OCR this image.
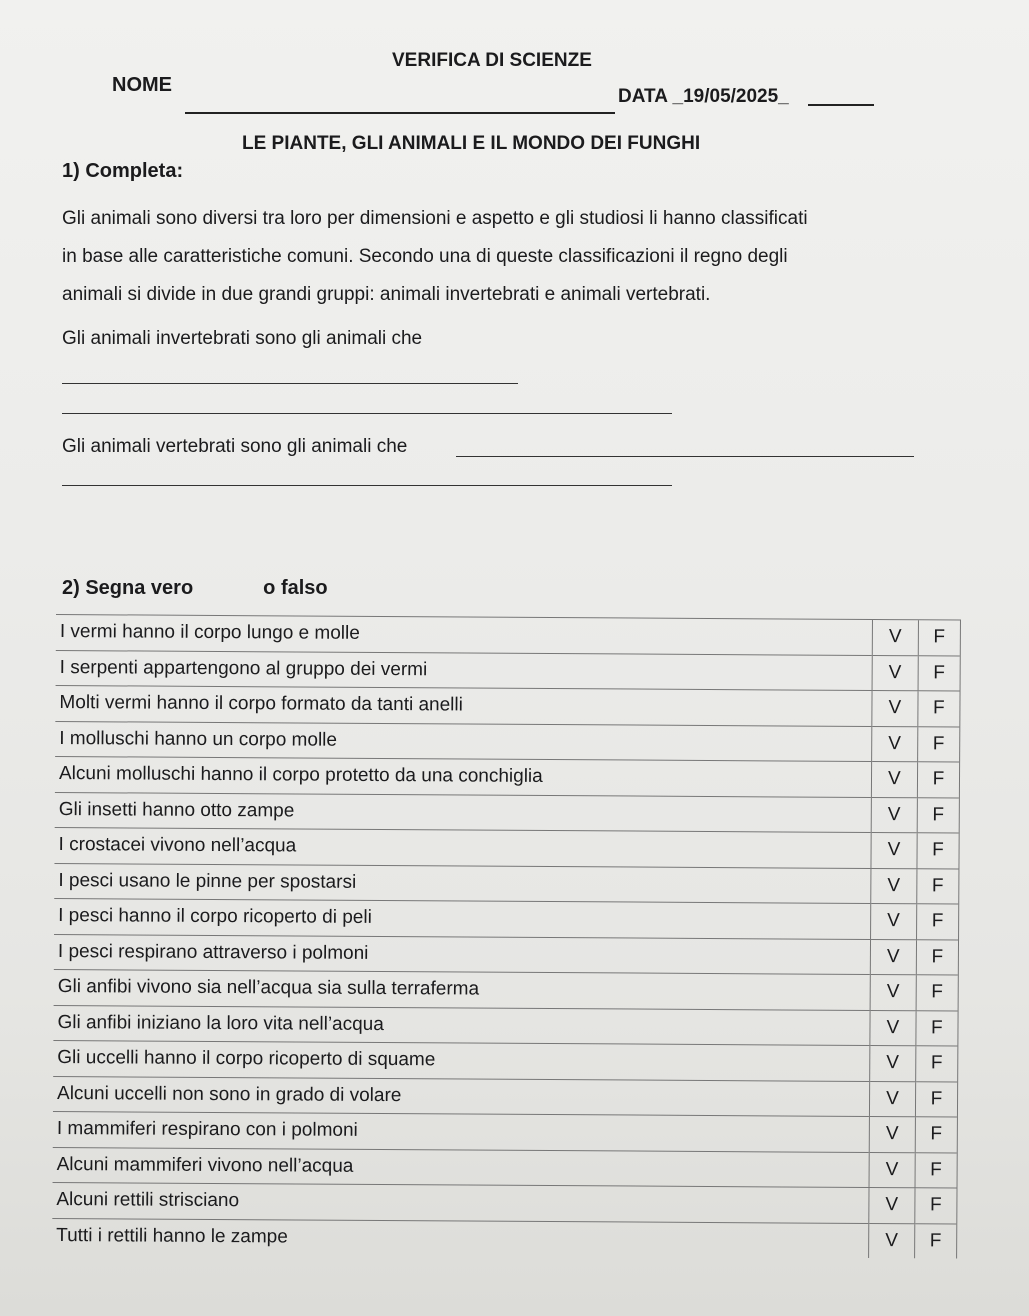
VERIFICA DI SCIENZE
NOME
DATA _19/05/2025_
LE PIANTE, GLI ANIMALI E IL MONDO DEI FUNGHI
1) Completa:
Gli animali sono diversi tra loro per dimensioni e aspetto e gli studiosi li hanno classificati
in base alle caratteristiche comuni. Secondo una di queste classificazioni il regno degli
animali si divide in due grandi gruppi: animali invertebrati e animali vertebrati.
Gli animali invertebrati sono gli animali che
Gli animali vertebrati sono gli animali che
2) Segna vero	o falso
I vermi hanno il corpo lungo e molle	V	F
I serpenti appartengono al gruppo dei vermi	V	F
Molti vermi hanno il corpo formato da tanti anelli	V	F
I molluschi hanno un corpo molle	V	F
Alcuni molluschi hanno il corpo protetto da una conchiglia	V	F
Gli insetti hanno otto zampe	V	F
I crostacei vivono nell’acqua	V	F
I pesci usano le pinne per spostarsi	V	F
I pesci hanno il corpo ricoperto di peli	V	F
I pesci respirano attraverso i polmoni	V	F
Gli anfibi vivono sia nell’acqua sia sulla terraferma	V	F
Gli anfibi iniziano la loro vita nell’acqua	V	F
Gli uccelli hanno il corpo ricoperto di squame	V	F
Alcuni uccelli non sono in grado di volare	V	F
I mammiferi respirano con i polmoni	V	F
Alcuni mammiferi vivono nell’acqua	V	F
Alcuni rettili strisciano	V	F
Tutti i rettili hanno le zampe	V	F
